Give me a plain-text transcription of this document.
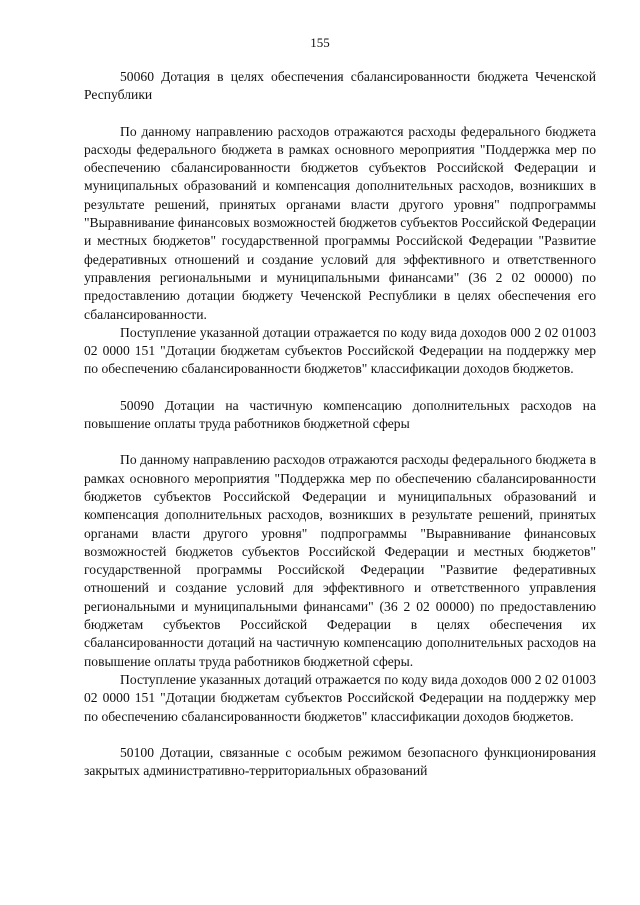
155

50060 Дотация в целях обеспечения сбалансированности бюджета Чеченской Республики

По данному направлению расходов отражаются расходы федерального бюджета расходы федерального бюджета в рамках основного мероприятия "Поддержка мер по обеспечению сбалансированности бюджетов субъектов Российской Федерации и муниципальных образований и компенсация дополнительных расходов, возникших в результате решений, принятых органами власти другого уровня" подпрограммы "Выравнивание финансовых возможностей бюджетов субъектов Российской Федерации и местных бюджетов" государственной программы Российской Федерации "Развитие федеративных отношений и создание условий для эффективного и ответственного управления региональными и муниципальными финансами" (36 2 02 00000) по предоставлению дотации бюджету Чеченской Республики в целях обеспечения его сбалансированности.

Поступление указанной дотации отражается по коду вида доходов 000 2 02 01003 02 0000 151 "Дотации бюджетам субъектов Российской Федерации на поддержку мер по обеспечению сбалансированности бюджетов" классификации доходов бюджетов.

50090 Дотации на частичную компенсацию дополнительных расходов на повышение оплаты труда работников бюджетной сферы

По данному направлению расходов отражаются расходы федерального бюджета в рамках основного мероприятия "Поддержка мер по обеспечению сбалансированности бюджетов субъектов Российской Федерации и муниципальных образований и компенсация дополнительных расходов, возникших в результате решений, принятых органами власти другого уровня" подпрограммы "Выравнивание финансовых возможностей бюджетов субъектов Российской Федерации и местных бюджетов" государственной программы Российской Федерации "Развитие федеративных отношений и создание условий для эффективного и ответственного управления региональными и муниципальными финансами" (36 2 02 00000) по предоставлению бюджетам субъектов Российской Федерации в целях обеспечения их сбалансированности дотаций на частичную компенсацию дополнительных расходов на повышение оплаты труда работников бюджетной сферы.

Поступление указанных дотаций отражается по коду вида доходов 000 2 02 01003 02 0000 151 "Дотации бюджетам субъектов Российской Федерации на поддержку мер по обеспечению сбалансированности бюджетов" классификации доходов бюджетов.

50100 Дотации, связанные с особым режимом безопасного функционирования закрытых административно-территориальных образований
